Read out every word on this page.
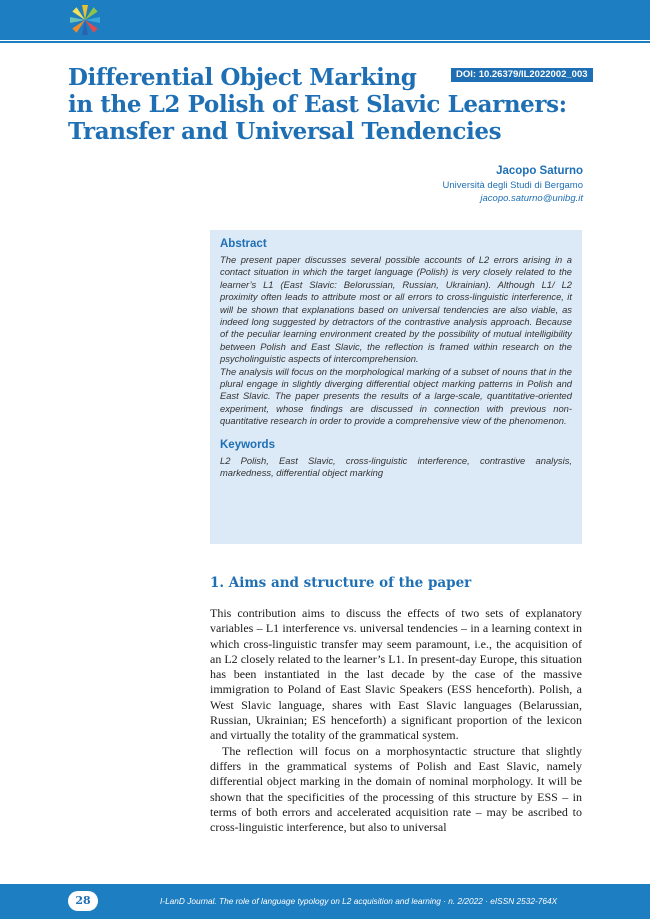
DOI: 10.26379/IL2022002_003
Differential Object Marking
in the L2 Polish of East Slavic Learners:
Transfer and Universal Tendencies
Jacopo Saturno
Università degli Studi di Bergamo
jacopo.saturno@unibg.it
Abstract

The present paper discusses several possible accounts of L2 errors arising in a contact situation in which the target language (Polish) is very closely related to the learner’s L1 (East Slavic: Belorussian, Russian, Ukrainian). Although L1/ L2 proximity often leads to attribute most or all errors to cross-linguistic interference, it will be shown that explanations based on universal tendencies are also viable, as indeed long suggested by detractors of the contrastive analysis approach. Because of the peculiar learning environment created by the possibility of mutual intelligibility between Polish and East Slavic, the reflection is framed within research on the psycholinguistic aspects of intercomprehension.

The analysis will focus on the morphological marking of a subset of nouns that in the plural engage in slightly diverging differential object marking patterns in Polish and East Slavic. The paper presents the results of a large-scale, quantitative-oriented experiment, whose findings are discussed in connection with previous non-quantitative research in order to provide a comprehensive view of the phenomenon.

Keywords

L2 Polish, East Slavic, cross-linguistic interference, contrastive analysis, markedness, differential object marking

1. Aims and structure of the paper

This contribution aims to discuss the effects of two sets of explanatory variables – L1 interference vs. universal tendencies – in a learning context in which cross-linguistic transfer may seem paramount, i.e., the acquisition of an L2 closely related to the learner’s L1. In present-day Europe, this situation has been instantiated in the last decade by the case of the massive immigration to Poland of East Slavic Speakers (ESS henceforth). Polish, a West Slavic language, shares with East Slavic languages (Belarussian, Russian, Ukrainian; ES henceforth) a significant proportion of the lexicon and virtually the totality of the grammatical system.

The reflection will focus on a morphosyntactic structure that slightly differs in the grammatical systems of Polish and East Slavic, namely differential object marking in the domain of nominal morphology. It will be shown that the specificities of the processing of this structure by ESS – in terms of both errors and accelerated acquisition rate – may be ascribed to cross-linguistic interference, but also to universal

28	I-LanD Journal. The role of language typology on L2 acquisition and learning · n. 2/2022 · eISSN 2532-764X
